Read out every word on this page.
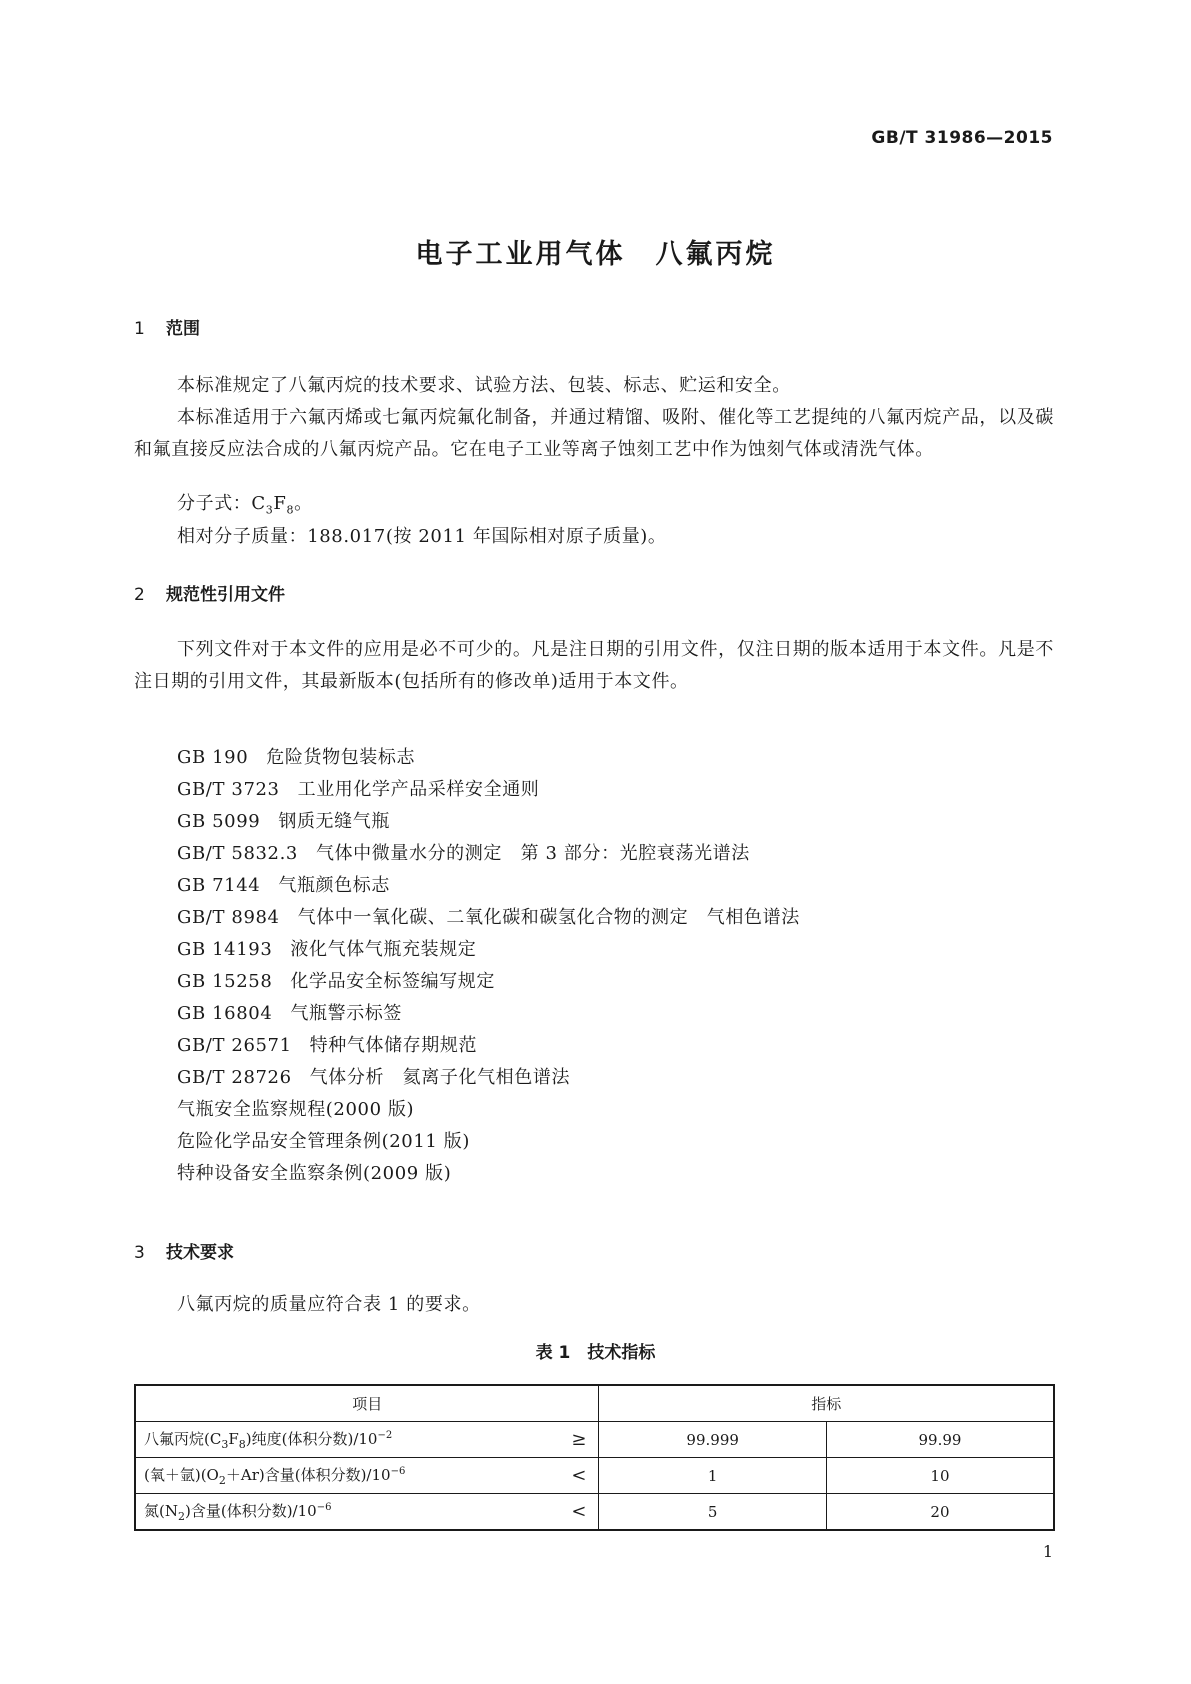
GB/T 31986—2015
电子工业用气体　八氟丙烷
1 范围
本标准规定了八氟丙烷的技术要求、试验方法、包装、标志、贮运和安全。
本标准适用于六氟丙烯或七氟丙烷氟化制备，并通过精馏、吸附、催化等工艺提纯的八氟丙烷产品，以及碳和氟直接反应法合成的八氟丙烷产品。它在电子工业等离子蚀刻工艺中作为蚀刻气体或清洗气体。
分子式：$C_3F_8$。
相对分子质量：188.017(按 2011 年国际相对原子质量)。
2 规范性引用文件
下列文件对于本文件的应用是必不可少的。凡是注日期的引用文件，仅注日期的版本适用于本文件。凡是不注日期的引用文件，其最新版本(包括所有的修改单)适用于本文件。
GB 190 危险货物包装标志
GB/T 3723 工业用化学产品采样安全通则
GB 5099 钢质无缝气瓶
GB/T 5832.3 气体中微量水分的测定　第 3 部分：光腔衰荡光谱法
GB 7144 气瓶颜色标志
GB/T 8984 气体中一氧化碳、二氧化碳和碳氢化合物的测定　气相色谱法
GB 14193 液化气体气瓶充装规定
GB 15258 化学品安全标签编写规定
GB 16804 气瓶警示标签
GB/T 26571 特种气体储存期规范
GB/T 28726 气体分析　氦离子化气相色谱法
气瓶安全监察规程(2000 版)
危险化学品安全管理条例(2011 版)
特种设备安全监察条例(2009 版)
3 技术要求
八氟丙烷的质量应符合表 1 的要求。
表 1　技术指标
项目	指标	
八氟丙烷$(C_3F_8)$纯度(体积分数)$/10^{-2}$ ≥	99.999	99.99
(氧＋氩)$(O_2+Ar)$含量(体积分数)$/10^{-6}$ <	1	10
氮$(N_2)$含量(体积分数)$/10^{-6}$ <	5	20
1
